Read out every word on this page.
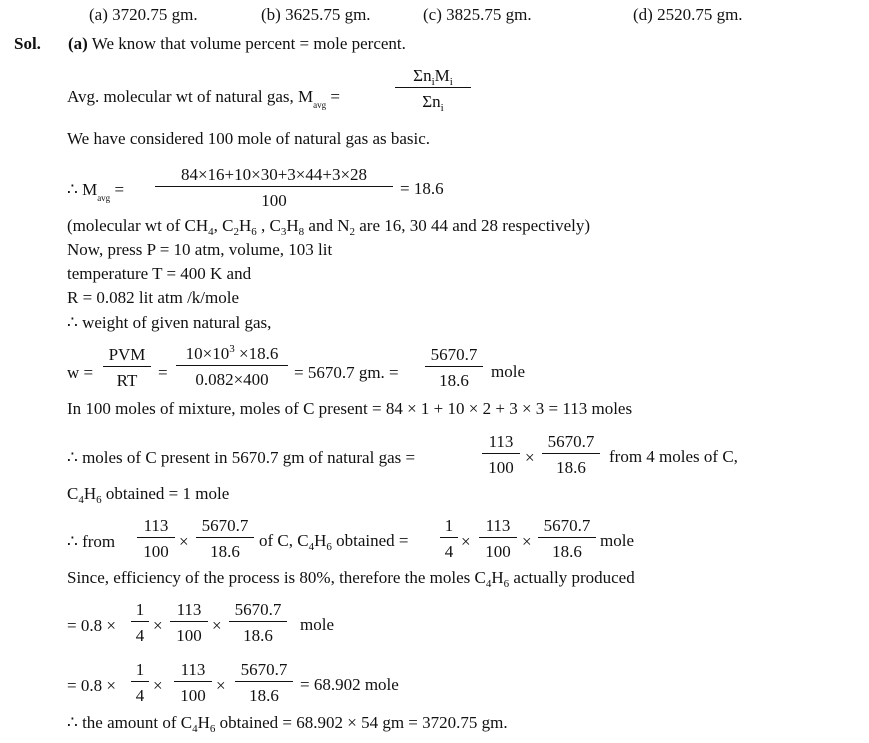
(a) 3720.75 gm.	(b) 3625.75 gm.	(c) 3825.75 gm.	(d) 2520.75 gm.
Sol. (a) We know that volume percent = mole percent.
Avg. molecular wt of natural gas, $M_{avg}$ =
$\Sigma n_iM_i$
$\Sigma n_i$
We have considered 100 mole of natural gas as basic.
∴ $M_{avg} = \frac{84\times 16+10\times 30+3\times 44+3\times 28}{100} = 18.6$
(molecular wt of $CH_4$, $C_2H_6$ , $C_3H_8$ and $N_2$ are 16, 30 44 and 28 respectively)
Now, press P = 10 atm, volume, 103 lit
temperature T = 400 K and
R = 0.082 lit atm /k/mole
∴ weight of given natural gas,
w =
PVM
RT	= $\frac{10\times 10^3 \times 18.6}{0.082\times 400} = 5670.7$ gm. = $\frac{5670.7}{18.6}$ mole
In 100 moles of mixture, moles of C present = 84 × 1 + 10 × 2 + 3 × 3 = 113 moles
∴ moles of C present in 5670.7 gm of natural gas =	$\frac{113}{100} \times \frac{5670.7}{18.6}$ from 4 moles of C,
$C_4H_6$ obtained = 1 mole
∴ from $\frac{113}{100} \times \frac{5670.7}{18.6}$ of C, $C_4H_6$ obtained = $\frac{1}{4} \times \frac{113}{100} \times \frac{5670.7}{18.6}$ mole
Since, efficiency of the process is 80%, therefore the moles $C_4H_6$ actually produced
= $0.8 \times \frac{1}{4} \times \frac{113}{100} \times \frac{5670.7}{18.6}$ mole
= $0.8 \times \frac{1}{4} \times \frac{113}{100} \times \frac{5670.7}{18.6} = 68.902$ mole
∴ the amount of $C_4H_6$ obtained = 68.902 × 54 gm = 3720.75 gm.
